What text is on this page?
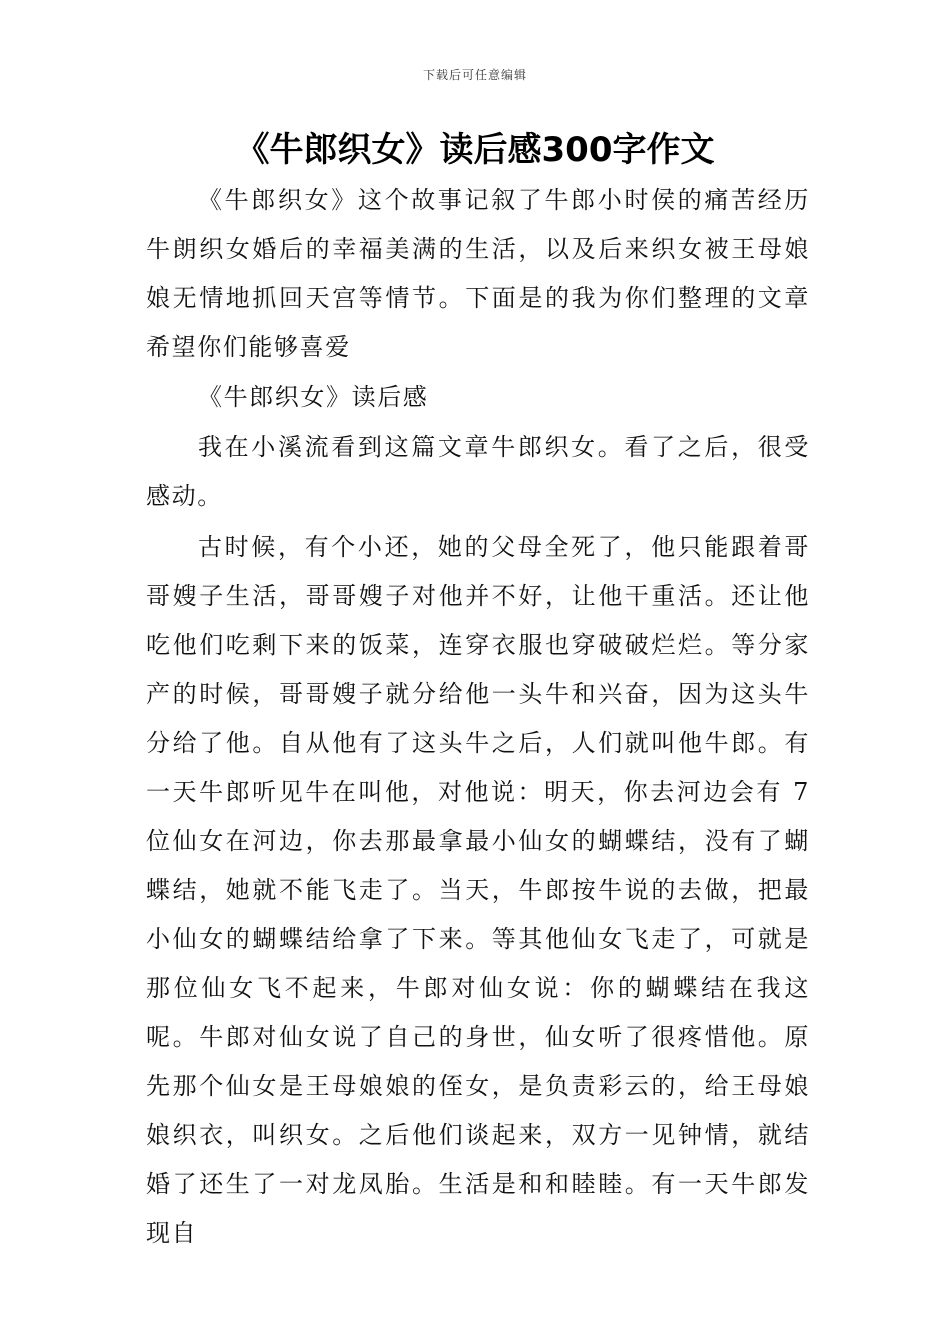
下载后可任意编辑
《牛郎织女》读后感300字作文

《牛郎织女》这个故事记叙了牛郎小时侯的痛苦经历牛朗织女婚后的幸福美满的生活，以及后来织女被王母娘娘无情地抓回天宫等情节。下面是的我为你们整理的文章希望你们能够喜爱

《牛郎织女》读后感

我在小溪流看到这篇文章牛郎织女。看了之后，很受感动。

古时候，有个小还，她的父母全死了，他只能跟着哥哥嫂子生活，哥哥嫂子对他并不好，让他干重活。还让他吃他们吃剩下来的饭菜，连穿衣服也穿破破烂烂。等分家产的时候，哥哥嫂子就分给他一头牛和兴奋，因为这头牛分给了他。自从他有了这头牛之后，人们就叫他牛郎。有一天牛郎听见牛在叫他，对他说：明天，你去河边会有 7 位仙女在河边，你去那最拿最小仙女的蝴蝶结，没有了蝴蝶结，她就不能飞走了。当天，牛郎按牛说的去做，把最小仙女的蝴蝶结给拿了下来。等其他仙女飞走了，可就是那位仙女飞不起来，牛郎对仙女说：你的蝴蝶结在我这呢。牛郎对仙女说了自己的身世，仙女听了很疼惜他。原先那个仙女是王母娘娘的侄女，是负责彩云的，给王母娘娘织衣，叫织女。之后他们谈起来，双方一见钟情，就结婚了还生了一对龙凤胎。生活是和和睦睦。有一天牛郎发现自
